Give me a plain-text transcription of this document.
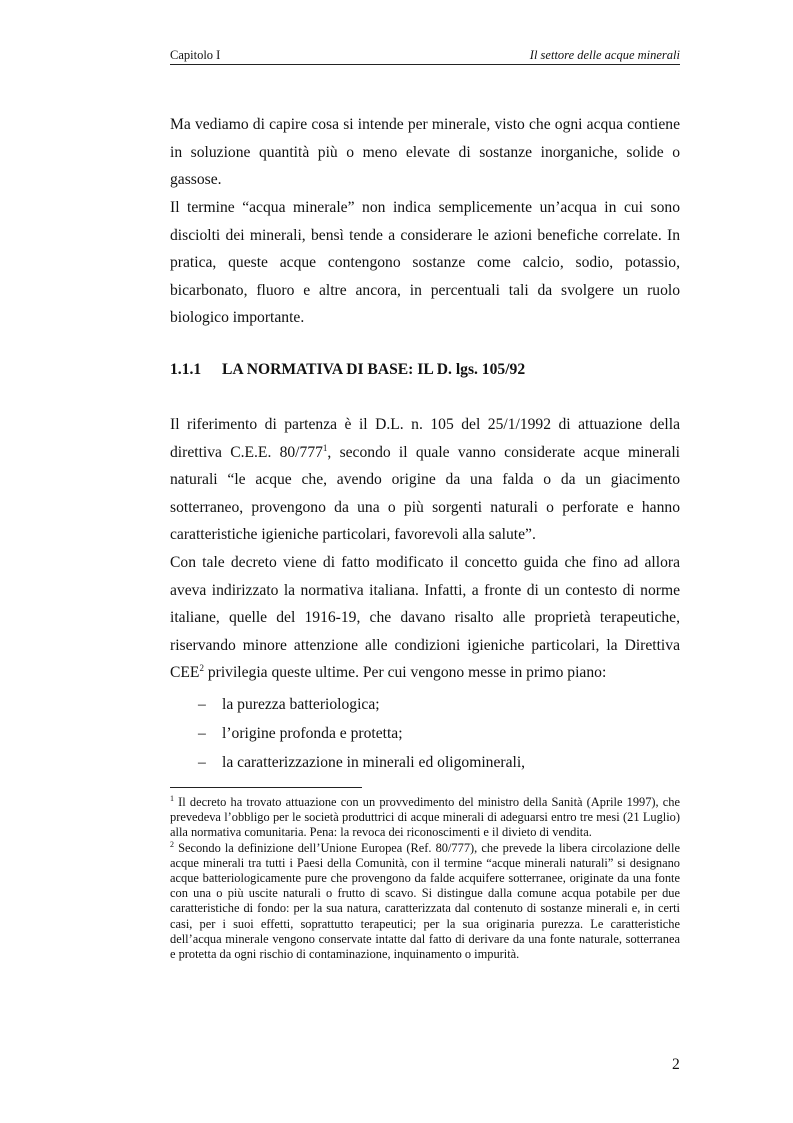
Capitolo I	Il settore delle acque minerali

Ma vediamo di capire cosa si intende per minerale, visto che ogni acqua contiene in soluzione quantità più o meno elevate di sostanze inorganiche, solide o gassose.

Il termine “acqua minerale” non indica semplicemente un’acqua in cui sono disciolti dei minerali, bensì tende a considerare le azioni benefiche correlate. In pratica, queste acque contengono sostanze come calcio, sodio, potassio, bicarbonato, fluoro e altre ancora, in percentuali tali da svolgere un ruolo biologico importante.

1.1.1 LA NORMATIVA DI BASE: IL D. lgs. 105/92

Il riferimento di partenza è il D.L. n. 105 del 25/1/1992 di attuazione della direttiva C.E.E. $80/777^1$, secondo il quale vanno considerate acque minerali naturali “le acque che, avendo origine da una falda o da un giacimento sotterraneo, provengono da una o più sorgenti naturali o perforate e hanno caratteristiche igieniche particolari, favorevoli alla salute”.

Con tale decreto viene di fatto modificato il concetto guida che fino ad allora aveva indirizzato la normativa italiana. Infatti, a fronte di un contesto di norme italiane, quelle del 1916-19, che davano risalto alle proprietà terapeutiche, riservando minore attenzione alle condizioni igieniche particolari, la Direttiva CEE$^2$ privilegia queste ultime. Per cui vengono messe in primo piano:

– la purezza batteriologica;
– l’origine profonda e protetta;
– la caratterizzazione in minerali ed oligominerali,

$^1$ Il decreto ha trovato attuazione con un provvedimento del ministro della Sanità (Aprile 1997), che prevedeva l’obbligo per le società produttrici di acque minerali di adeguarsi entro tre mesi (21 Luglio) alla normativa comunitaria. Pena: la revoca dei riconoscimenti e il divieto di vendita.

$^2$ Secondo la definizione dell’Unione Europea (Ref. 80/777), che prevede la libera circolazione delle acque minerali tra tutti i Paesi della Comunità, con il termine “acque minerali naturali” si designano acque batteriologicamente pure che provengono da falde acquifere sotterranee, originate da una fonte con una o più uscite naturali o frutto di scavo. Si distingue dalla comune acqua potabile per due caratteristiche di fondo: per la sua natura, caratterizzata dal contenuto di sostanze minerali e, in certi casi, per i suoi effetti, soprattutto terapeutici; per la sua originaria purezza. Le caratteristiche dell’acqua minerale vengono conservate intatte dal fatto di derivare da una fonte naturale, sotterranea e protetta da ogni rischio di contaminazione, inquinamento o impurità.

2
